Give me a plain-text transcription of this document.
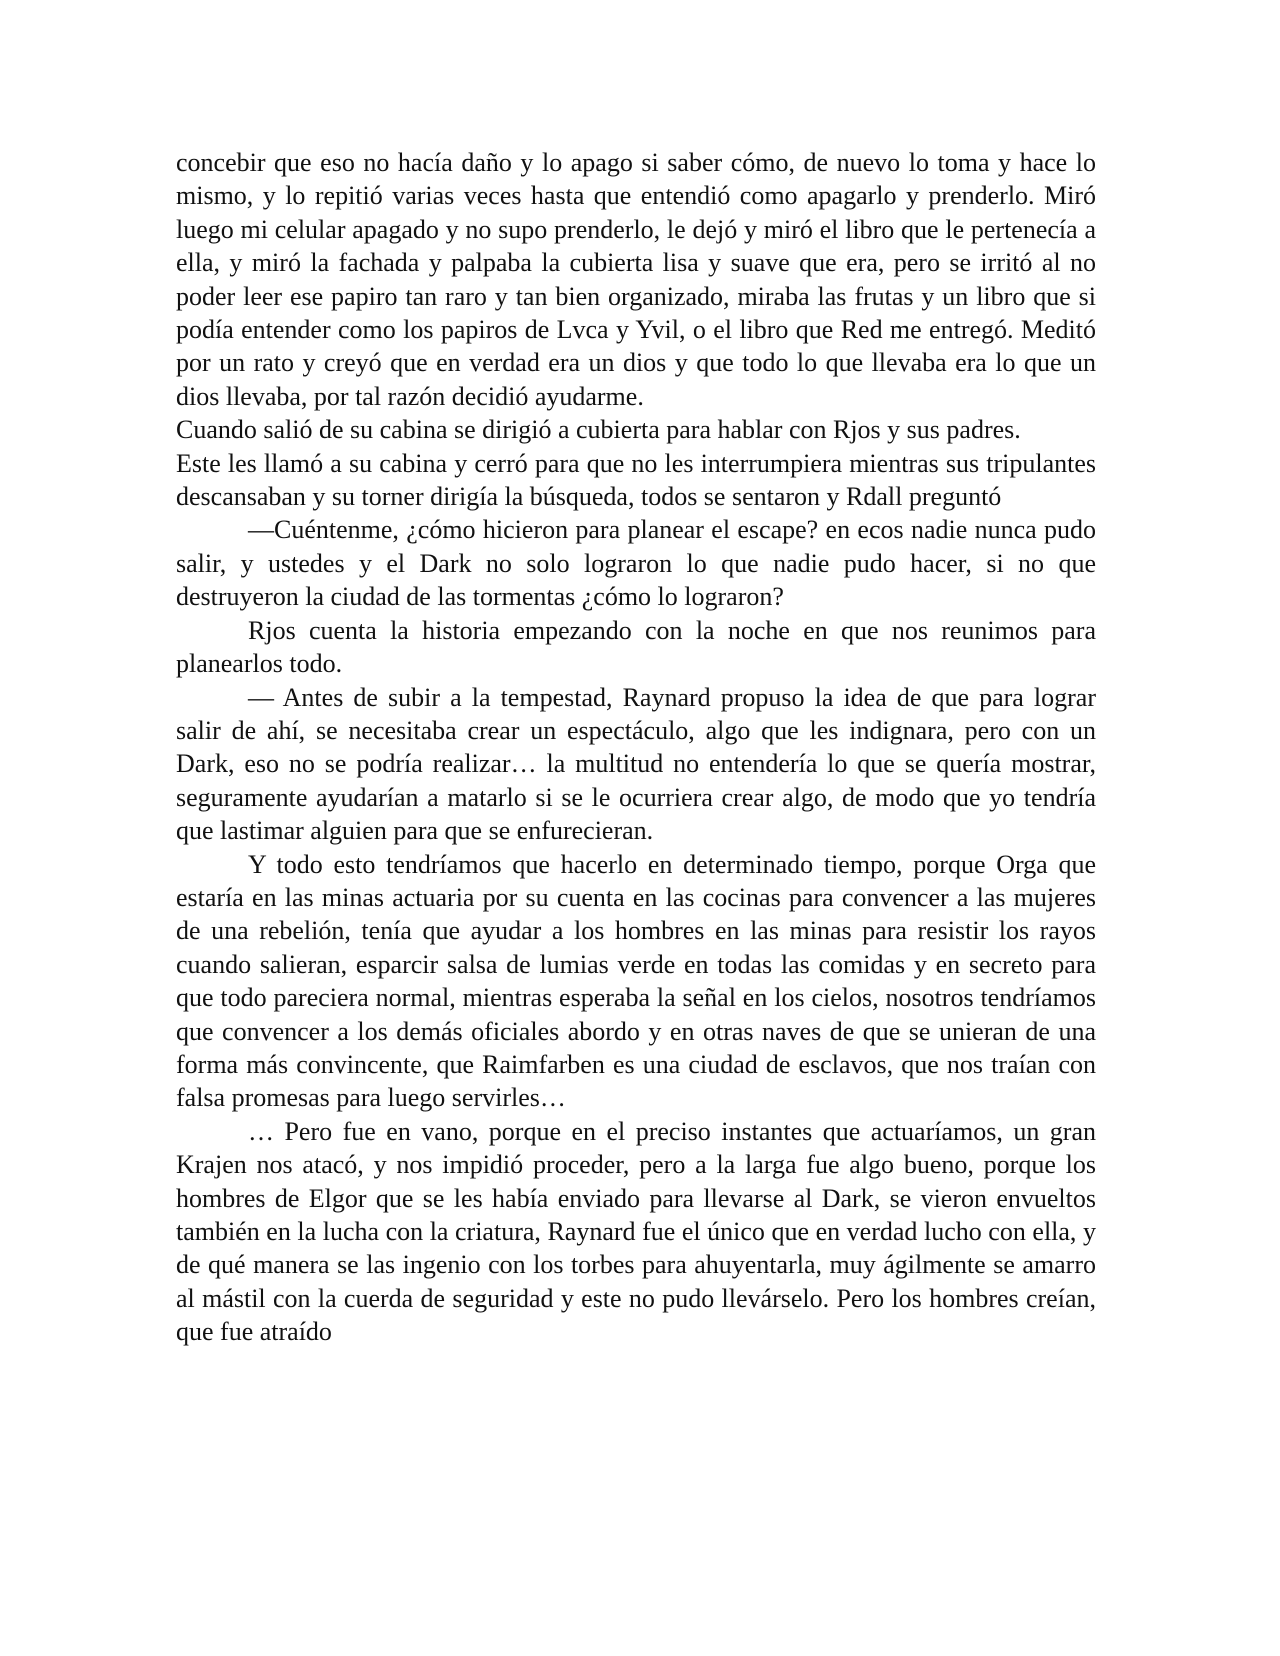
concebir que eso no hacía daño y lo apago si saber cómo, de nuevo lo toma y hace lo mismo, y lo repitió varias veces hasta que entendió como apagarlo y prenderlo. Miró luego mi celular apagado y no supo prenderlo, le dejó y miró el libro que le pertenecía a ella, y miró la fachada y palpaba la cubierta lisa y suave que era, pero se irritó al no poder leer ese papiro tan raro y tan bien organizado, miraba las frutas y un libro que si podía entender como los papiros de Lvca y Yvil, o el libro que Red me entregó. Meditó por un rato y creyó que en verdad era un dios y que todo lo que llevaba era lo que un dios llevaba, por tal razón decidió ayudarme.

Cuando salió de su cabina se dirigió a cubierta para hablar con Rjos y sus padres.

Este les llamó a su cabina y cerró para que no les interrumpiera mientras sus tripulantes descansaban y su torner dirigía la búsqueda, todos se sentaron y Rdall preguntó

—Cuéntenme, ¿cómo hicieron para planear el escape? en ecos nadie nunca pudo salir, y ustedes y el Dark no solo lograron lo que nadie pudo hacer, si no que destruyeron la ciudad de las tormentas ¿cómo lo lograron?

Rjos cuenta la historia empezando con la noche en que nos reunimos para planearlos todo.

— Antes de subir a la tempestad, Raynard propuso la idea de que para lograr salir de ahí, se necesitaba crear un espectáculo, algo que les indignara, pero con un Dark, eso no se podría realizar… la multitud no entendería lo que se quería mostrar, seguramente ayudarían a matarlo si se le ocurriera crear algo, de modo que yo tendría que lastimar alguien para que se enfurecieran.

Y todo esto tendríamos que hacerlo en determinado tiempo, porque Orga que estaría en las minas actuaria por su cuenta en las cocinas para convencer a las mujeres de una rebelión, tenía que ayudar a los hombres en las minas para resistir los rayos cuando salieran, esparcir salsa de lumias verde en todas las comidas y en secreto para que todo pareciera normal, mientras esperaba la señal en los cielos, nosotros tendríamos que convencer a los demás oficiales abordo y en otras naves de que se unieran de una forma más convincente, que Raimfarben es una ciudad de esclavos, que nos traían con falsa promesas para luego servirles…

… Pero fue en vano, porque en el preciso instantes que actuaríamos, un gran Krajen nos atacó, y nos impidió proceder, pero a la larga fue algo bueno, porque los hombres de Elgor que se les había enviado para llevarse al Dark, se vieron envueltos también en la lucha con la criatura, Raynard fue el único que en verdad lucho con ella, y de qué manera se las ingenio con los torbes para ahuyentarla, muy ágilmente se amarro al mástil con la cuerda de seguridad y este no pudo llevárselo. Pero los hombres creían, que fue atraído
